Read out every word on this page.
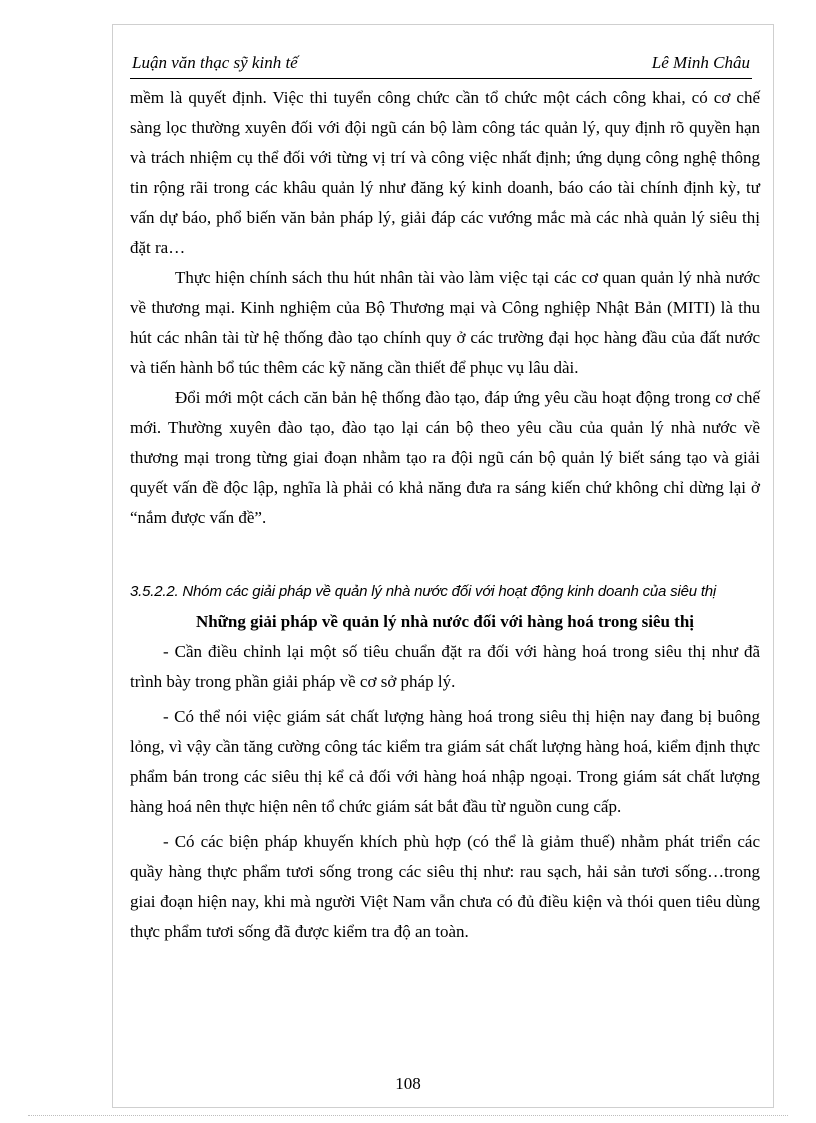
Luận văn thạc sỹ kinh tế	Lê Minh Châu

mềm là quyết định. Việc thi tuyển công chức cần tổ chức một cách công khai, có cơ chế sàng lọc thường xuyên đối với đội ngũ cán bộ làm công tác quản lý, quy định rõ quyền hạn và trách nhiệm cụ thể đối với từng vị trí và công việc nhất định; ứng dụng công nghệ thông tin rộng rãi trong các khâu quản lý như đăng ký kinh doanh, báo cáo tài chính định kỳ, tư vấn dự báo, phổ biến văn bản pháp lý, giải đáp các vướng mắc mà các nhà quản lý siêu thị đặt ra…

Thực hiện chính sách thu hút nhân tài vào làm việc tại các cơ quan quản lý nhà nước về thương mại. Kinh nghiệm của Bộ Thương mại và Công nghiệp Nhật Bản (MITI) là thu hút các nhân tài từ hệ thống đào tạo chính quy ở các trường đại học hàng đầu của đất nước và tiến hành bổ túc thêm các kỹ năng cần thiết để phục vụ lâu dài.

Đổi mới một cách căn bản hệ thống đào tạo, đáp ứng yêu cầu hoạt động trong cơ chế mới. Thường xuyên đào tạo, đào tạo lại cán bộ theo yêu cầu của quản lý nhà nước về thương mại trong từng giai đoạn nhằm tạo ra đội ngũ cán bộ quản lý biết sáng tạo và giải quyết vấn đề độc lập, nghĩa là phải có khả năng đưa ra sáng kiến chứ không chỉ dừng lại ở “nắm được vấn đề”.

3.5.2.2. Nhóm các giải pháp về quản lý nhà nước đối với hoạt động kinh doanh của siêu thị

Những giải pháp về quản lý nhà nước đối với hàng hoá trong siêu thị

- Cần điều chỉnh lại một số tiêu chuẩn đặt ra đối với hàng hoá trong siêu thị như đã trình bày trong phần giải pháp về cơ sở pháp lý.

- Có thể nói việc giám sát chất lượng hàng hoá trong siêu thị hiện nay đang bị buông lỏng, vì vậy cần tăng cường công tác kiểm tra giám sát chất lượng hàng hoá, kiểm định thực phẩm bán trong các siêu thị kể cả đối với hàng hoá nhập ngoại. Trong giám sát chất lượng hàng hoá nên thực hiện nên tổ chức giám sát bắt đầu từ nguồn cung cấp.

- Có các biện pháp khuyến khích phù hợp (có thể là giảm thuế) nhằm phát triển các quầy hàng thực phẩm tươi sống trong các siêu thị như: rau sạch, hải sản tươi sống…trong giai đoạn hiện nay, khi mà người Việt Nam vẫn chưa có đủ điều kiện và thói quen tiêu dùng thực phẩm tươi sống đã được kiểm tra độ an toàn.

108
